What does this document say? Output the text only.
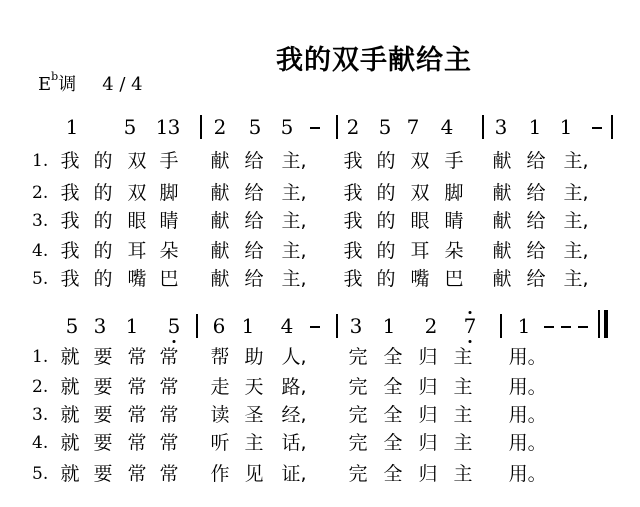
我的双手献给主
$E^b$调 4 / 4
1 5 1 3 2 5 5	2 5 7 4 3 1 1
1. 我 的 双 手 献 给 主, 我 的 双 手 献 给 主,
2. 我 的 双 脚 献 给 主, 我 的 双 脚 献 给 主,
3. 我 的 眼 睛 献 给 主, 我 的 眼 睛 献 给 主,
4. 我 的 耳 朵 献 给 主, 我 的 耳 朵 献 给 主,
5. 我 的 嘴 巴 献 给 主, 我 的 嘴 巴 献 给 主,
5 3 1 5 6 1 4	3 1 2 7 1
1. 就 要 常 常 帮 助 人, 完 全 归 主 用。
2. 就 要 常 常 走 天 路, 完 全 归 主 用。
3. 就 要 常 常 读 圣 经, 完 全 归 主 用。
4. 就 要 常 常 听 主 话, 完 全 归 主 用。
5. 就 要 常 常 作 见 证, 完 全 归 主 用。
